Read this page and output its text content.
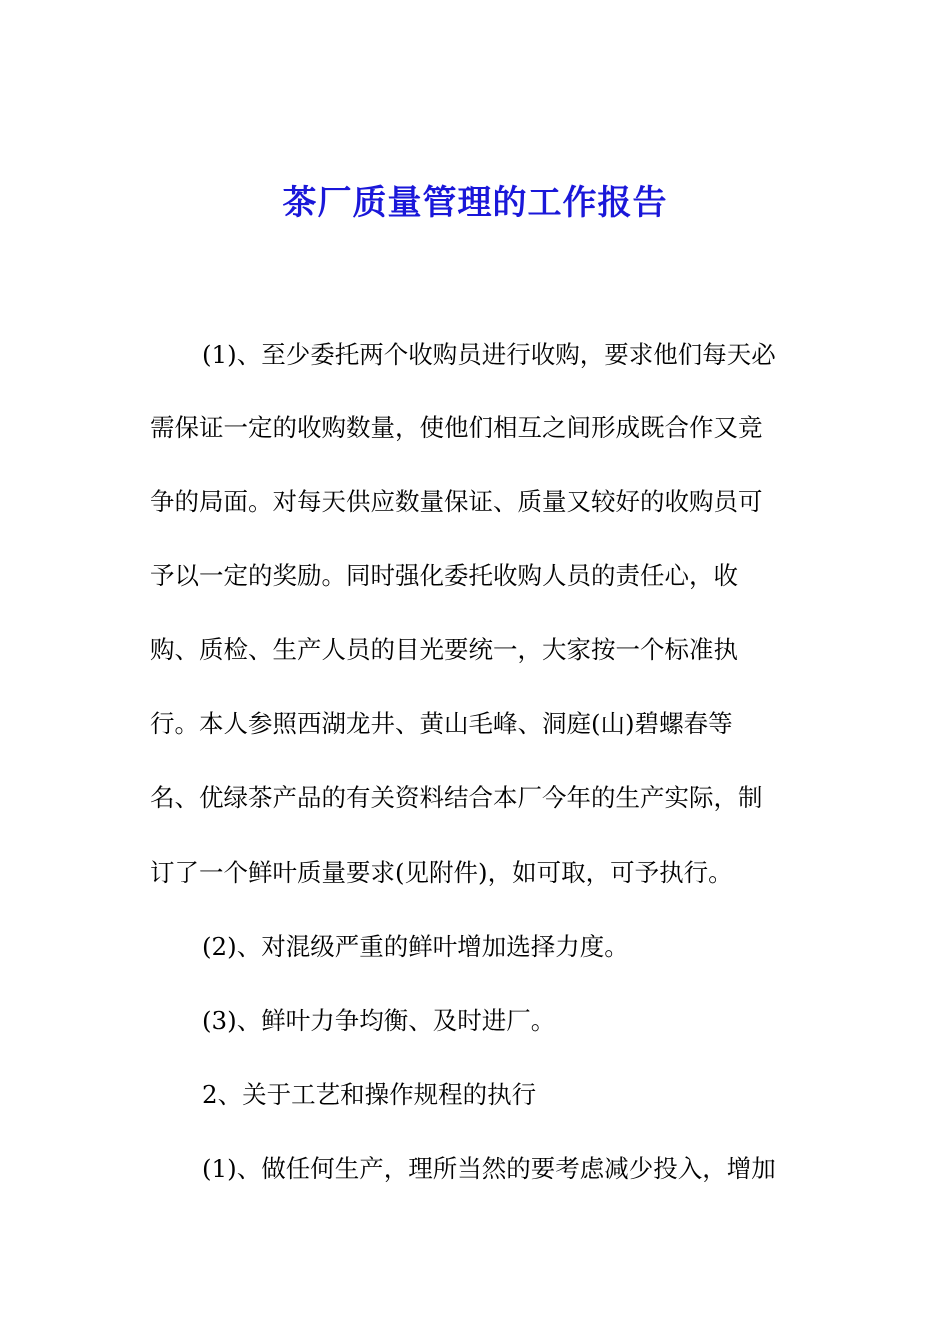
茶厂质量管理的工作报告

(1)、至少委托两个收购员进行收购，要求他们每天必

需保证一定的收购数量，使他们相互之间形成既合作又竞

争的局面。对每天供应数量保证、质量又较好的收购员可

予以一定的奖励。同时强化委托收购人员的责任心，收

购、质检、生产人员的目光要统一，大家按一个标准执

行。本人参照西湖龙井、黄山毛峰、洞庭(山)碧螺春等

名、优绿茶产品的有关资料结合本厂今年的生产实际，制

订了一个鲜叶质量要求(见附件)，如可取，可予执行。

(2)、对混级严重的鲜叶增加选择力度。

(3)、鲜叶力争均衡、及时进厂。

2、关于工艺和操作规程的执行

(1)、做任何生产，理所当然的要考虑减少投入，增加
